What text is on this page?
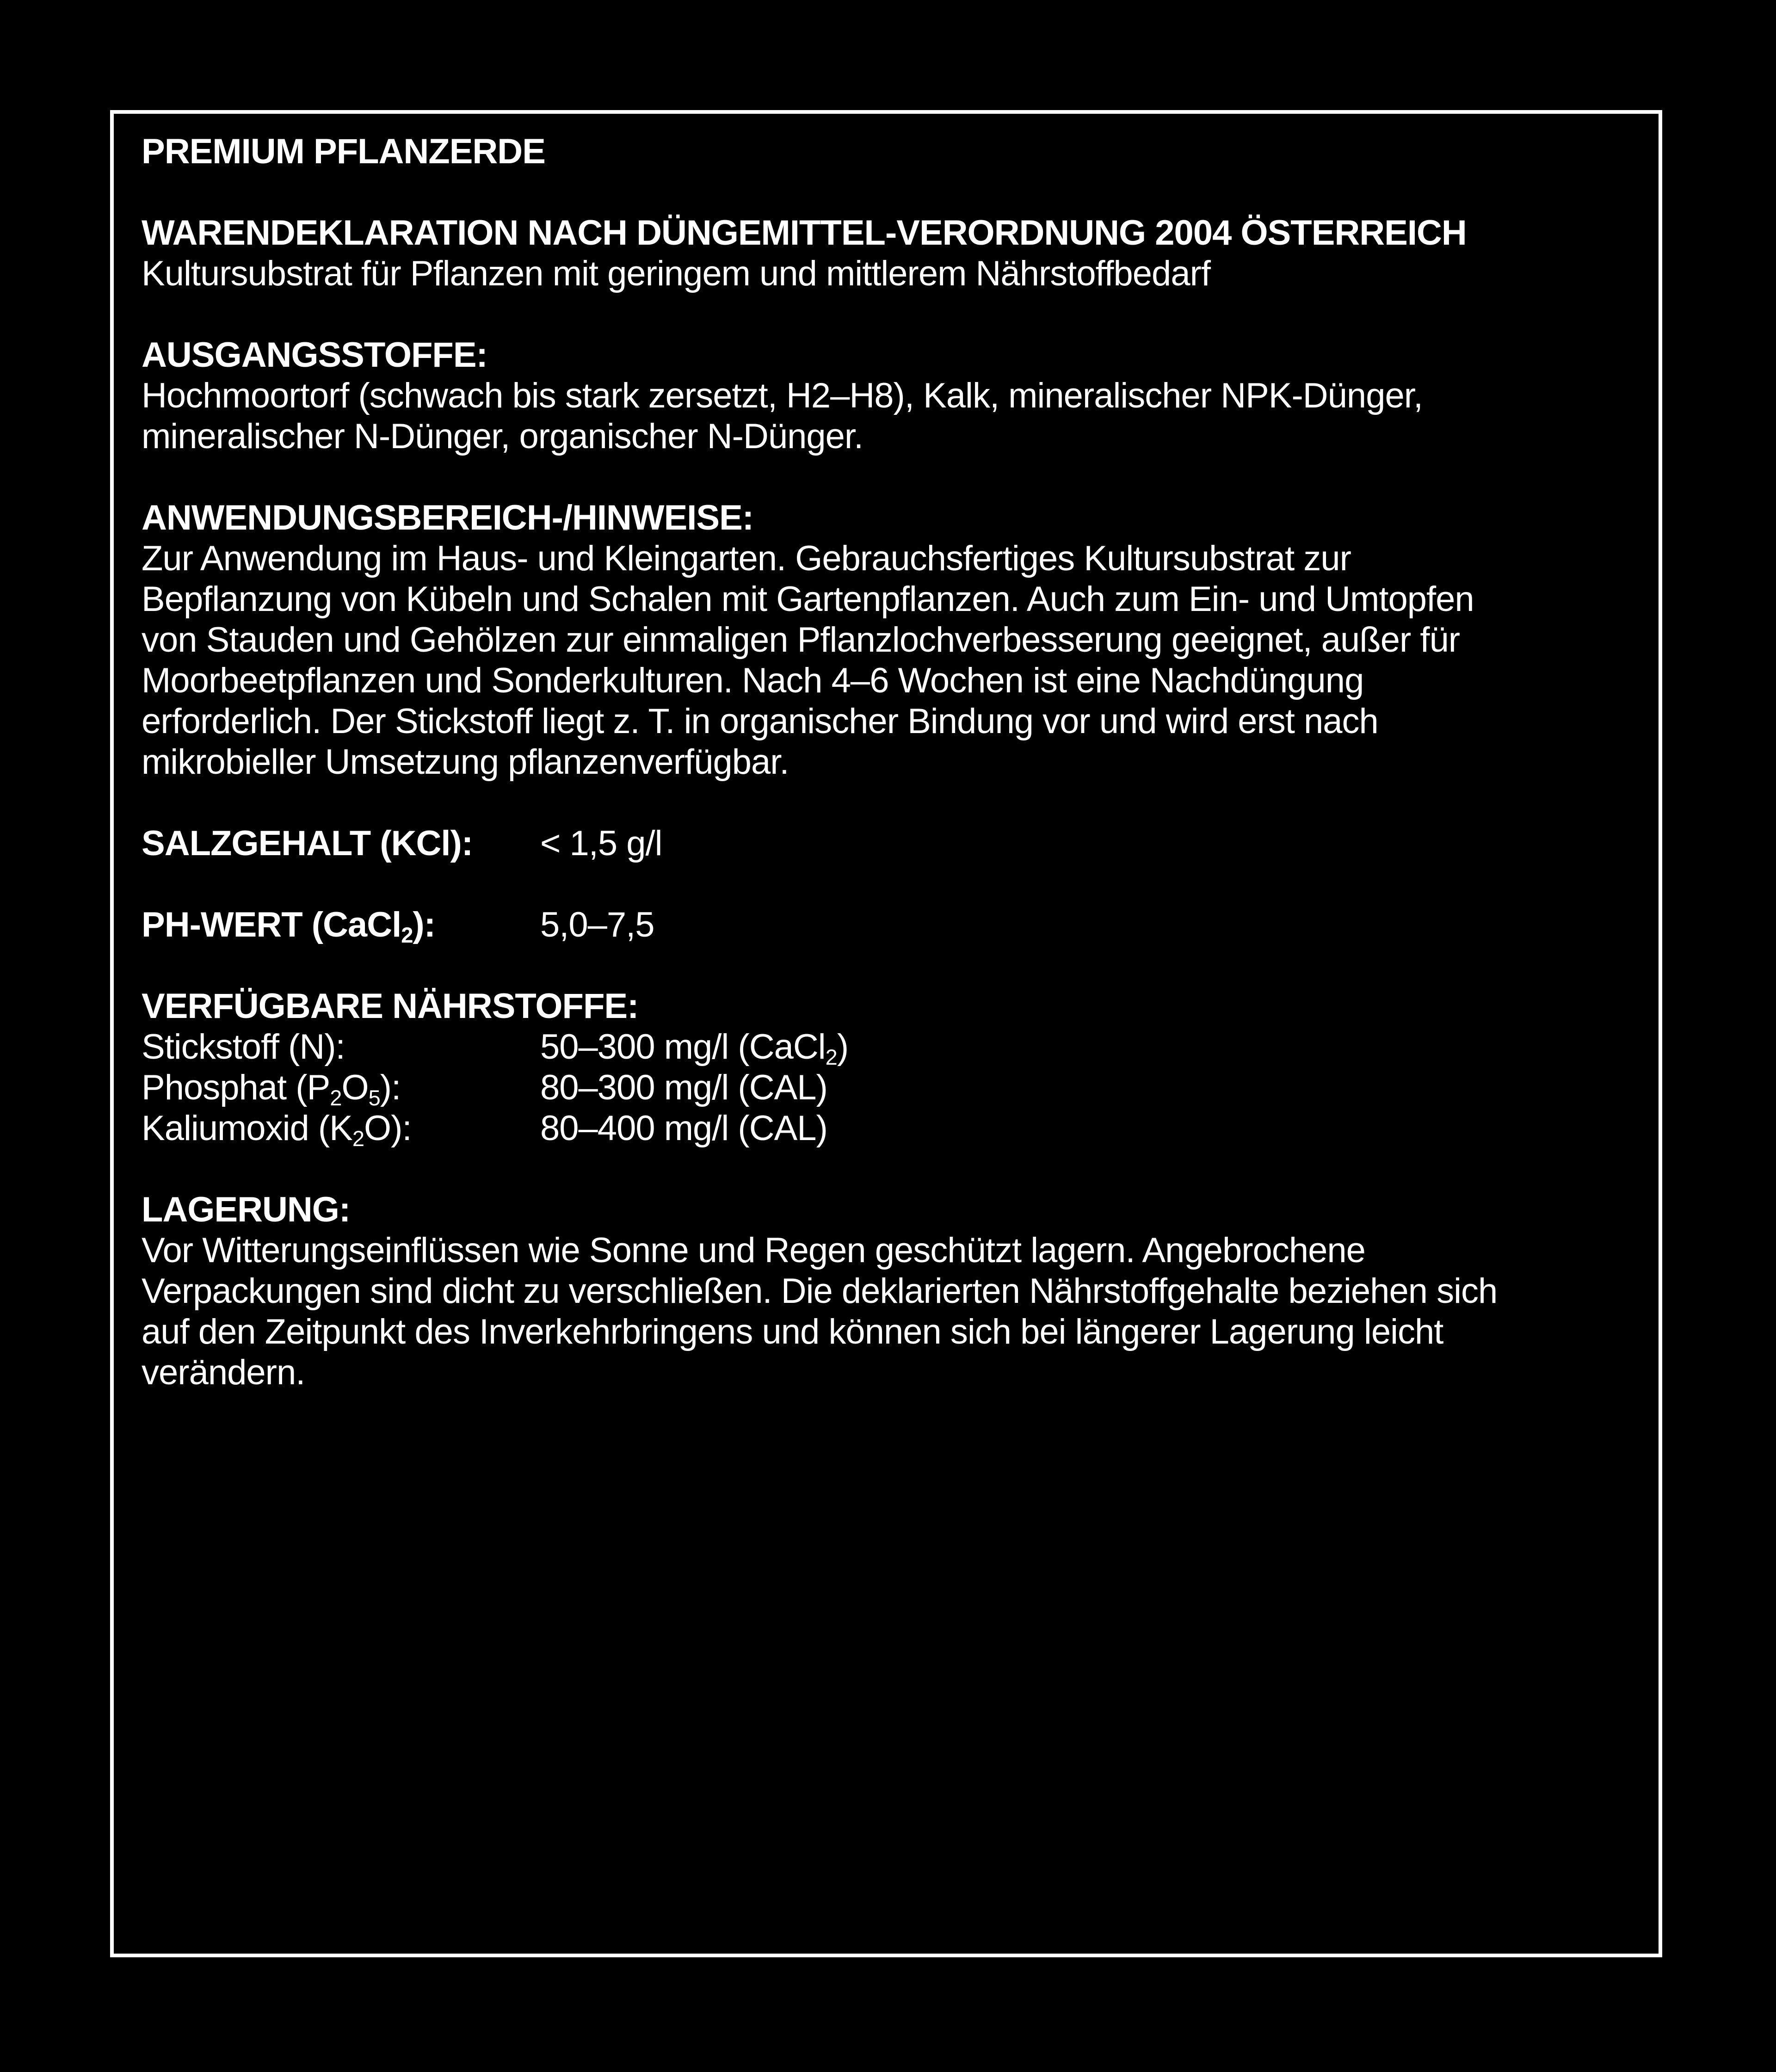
PREMIUM PFLANZERDE
WARENDEKLARATION NACH DÜNGEMITTEL-VERORDNUNG 2004 ÖSTERREICH
Kultursubstrat für Pflanzen mit geringem und mittlerem Nährstoffbedarf
AUSGANGSSTOFFE:
Hochmoortorf (schwach bis stark zersetzt, H2–H8), Kalk, mineralischer NPK-Dünger,
mineralischer N-Dünger, organischer N-Dünger.
ANWENDUNGSBEREICH-/HINWEISE:
Zur Anwendung im Haus- und Kleingarten. Gebrauchsfertiges Kultursubstrat zur
Bepflanzung von Kübeln und Schalen mit Gartenpflanzen. Auch zum Ein- und Umtopfen
von Stauden und Gehölzen zur einmaligen Pflanzlochverbesserung geeignet, außer für
Moorbeetpflanzen und Sonderkulturen. Nach 4–6 Wochen ist eine Nachdüngung
erforderlich. Der Stickstoff liegt z. T. in organischer Bindung vor und wird erst nach
mikrobieller Umsetzung pflanzenverfügbar.
SALZGEHALT (KCl):	< 1,5 g/l
PH-WERT (CaCl$_2$):	5,0–7,5
VERFÜGBARE NÄHRSTOFFE:
Stickstoff (N):	50–300 mg/l (CaCl$_2$)
Phosphat $(P_2O_5)$:	80–300 mg/l (CAL)
Kaliumoxid $(K_2O)$:	80–400 mg/l (CAL)
LAGERUNG:
Vor Witterungseinflüssen wie Sonne und Regen geschützt lagern. Angebrochene
Verpackungen sind dicht zu verschließen. Die deklarierten Nährstoffgehalte beziehen sich
auf den Zeitpunkt des Inverkehrbringens und können sich bei längerer Lagerung leicht
verändern.
